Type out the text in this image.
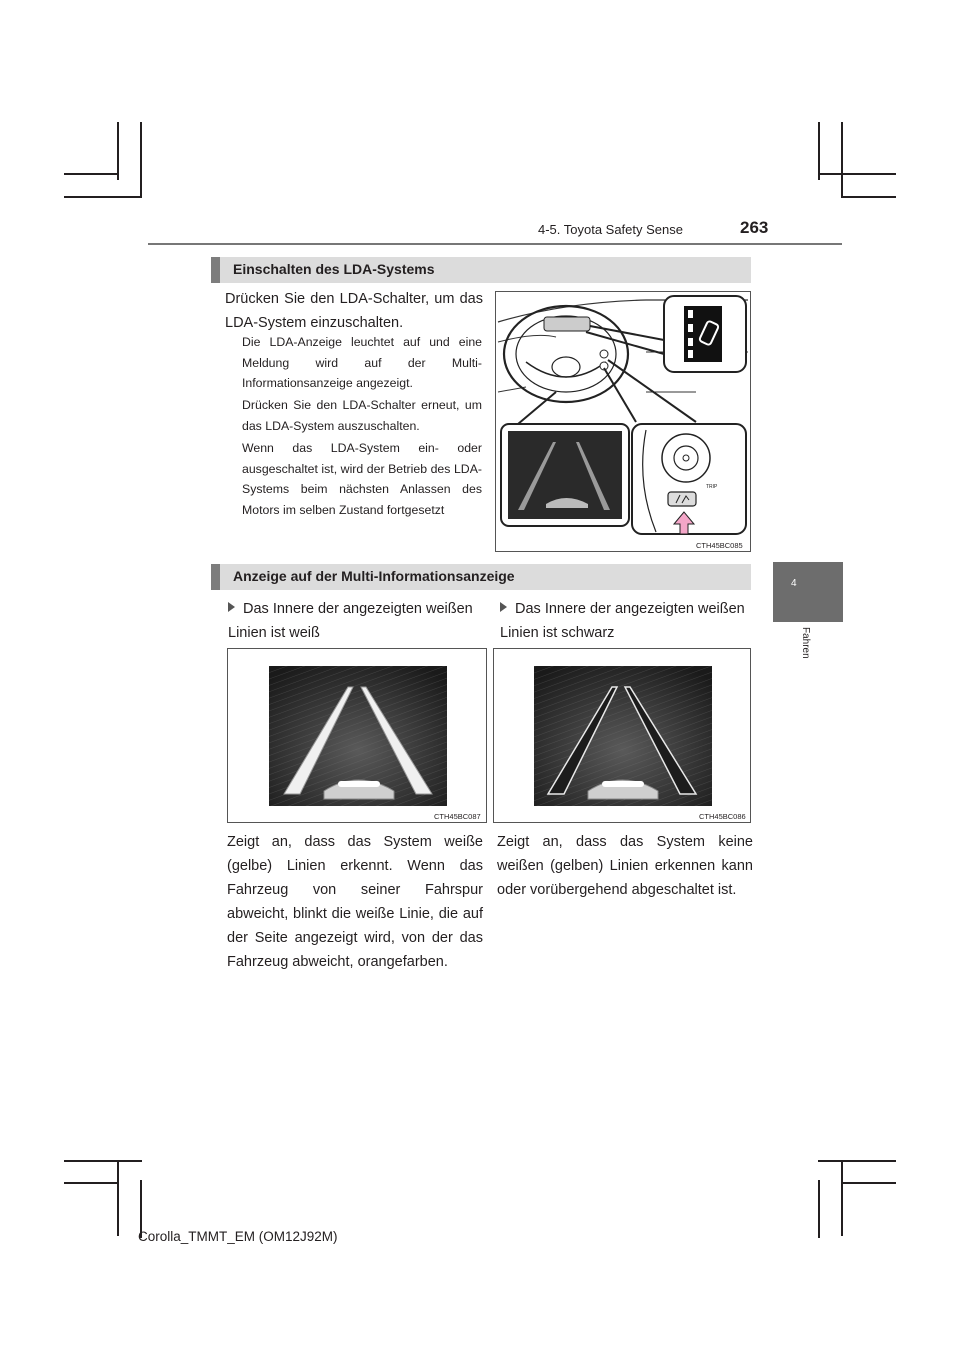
4-5. Toyota Safety Sense	263
4
Fahren
Einschalten des LDA-Systems
Drücken Sie den LDA-Schalter, um das LDA-System einzuschalten.
Die LDA-Anzeige leuchtet auf und eine Meldung wird auf der Multi-Informationsanzeige angezeigt.
Drücken Sie den LDA-Schalter erneut, um das LDA-System auszuschalten.
Wenn das LDA-System ein- oder ausgeschaltet ist, wird der Betrieb des LDA-Systems beim nächsten Anlassen des Motors im selben Zustand fortgesetzt
TRIP
CTH45BC085
Anzeige auf der Multi-Informationsanzeige
Das Innere der angezeigten weißen Linien ist weiß
Das Innere der angezeigten weißen Linien ist schwarz
CTH45BC087	CTH45BC086
Zeigt an, dass das System weiße (gelbe) Linien erkennt. Wenn das Fahrzeug von seiner Fahrspur abweicht, blinkt die weiße Linie, die auf der Seite angezeigt wird, von der das Fahrzeug abweicht, orangefarben.
Zeigt an, dass das System keine weißen (gelben) Linien erkennen kann oder vorübergehend abgeschaltet ist.
Corolla_TMMT_EM (OM12J92M)
